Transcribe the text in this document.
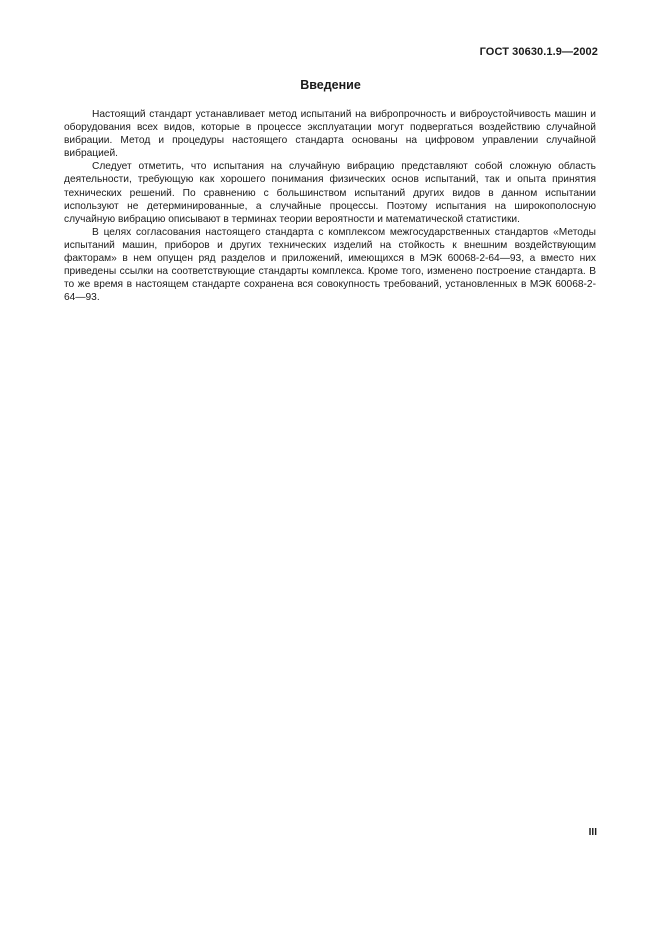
ГОСТ 30630.1.9—2002
Введение

Настоящий стандарт устанавливает метод испытаний на вибропрочность и виброустойчивость машин и оборудования всех видов, которые в процессе эксплуатации могут подвергаться воздействию случайной вибрации. Метод и процедуры настоящего стандарта основаны на цифровом управлении случайной вибрацией.

Следует отметить, что испытания на случайную вибрацию представляют собой сложную область деятельности, требующую как хорошего понимания физических основ испытаний, так и опыта принятия технических решений. По сравнению с большинством испытаний других видов в данном испытании используют не детерминированные, а случайные процессы. Поэтому испытания на широкополосную случайную вибрацию описывают в терминах теории вероятности и математической статистики.

В целях согласования настоящего стандарта с комплексом межгосударственных стандартов «Методы испытаний машин, приборов и других технических изделий на стойкость к внешним воздействующим факторам» в нем опущен ряд разделов и приложений, имеющихся в МЭК 60068-2-64—93, а вместо них приведены ссылки на соответствующие стандарты комплекса. Кроме того, изменено построение стандарта. В то же время в настоящем стандарте сохранена вся совокупность требований, установленных в МЭК 60068-2-64—93.

III
